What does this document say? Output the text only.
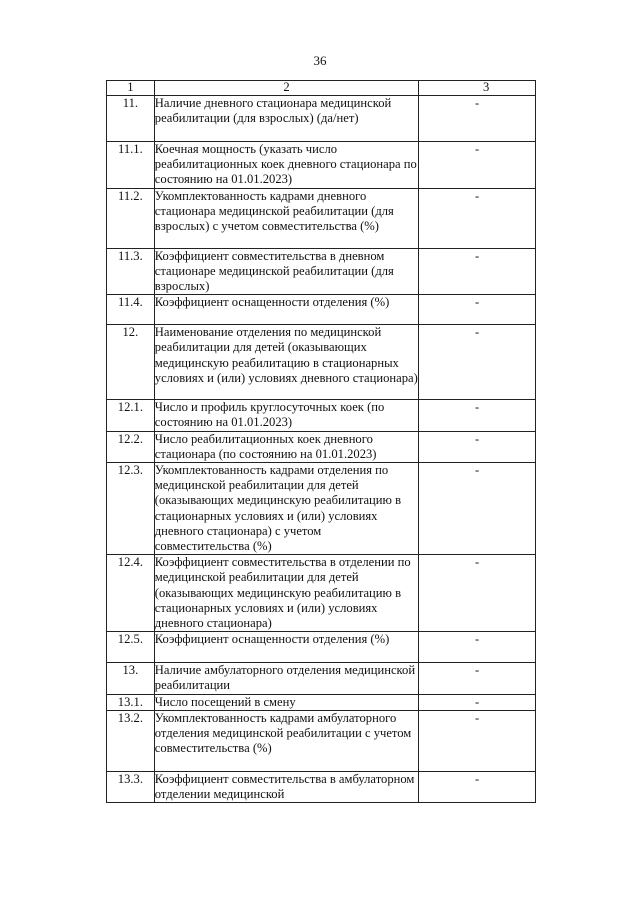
36
1	2	3
11.	Наличие дневного стационара медицинской реабилитации (для взрослых) (да/нет)	-
11.1.	Коечная мощность (указать число реабилитационных коек дневного стационара по состоянию на 01.01.2023)	-
11.2.	Укомплектованность кадрами дневного стационара медицинской реабилитации (для взрослых) с учетом совместительства (%)	-
11.3.	Коэффициент совместительства в дневном стационаре медицинской реабилитации (для взрослых)	-
11.4.	Коэффициент оснащенности отделения (%)	-
12.	Наименование отделения по медицинской реабилитации для детей (оказывающих медицинскую реабилитацию в стационарных условиях и (или) условиях дневного стационара)	-
12.1.	Число и профиль круглосуточных коек (по состоянию на 01.01.2023)	-
12.2.	Число реабилитационных коек дневного стационара (по состоянию на 01.01.2023)	-
12.3.	Укомплектованность кадрами отделения по медицинской реабилитации для детей (оказывающих медицинскую реабилитацию в стационарных условиях и (или) условиях дневного стационара) с учетом совместительства (%)	-
12.4.	Коэффициент совместительства в отделении по медицинской реабилитации для детей (оказывающих медицинскую реабилитацию в стационарных условиях и (или) условиях дневного стационара)	-
12.5.	Коэффициент оснащенности отделения (%)	-
13.	Наличие амбулаторного отделения медицинской реабилитации	-
13.1.	Число посещений в смену	-
13.2.	Укомплектованность кадрами амбулаторного отделения медицинской реабилитации с учетом совместительства (%)	-
13.3.	Коэффициент совместительства в амбулаторном отделении медицинской	-
